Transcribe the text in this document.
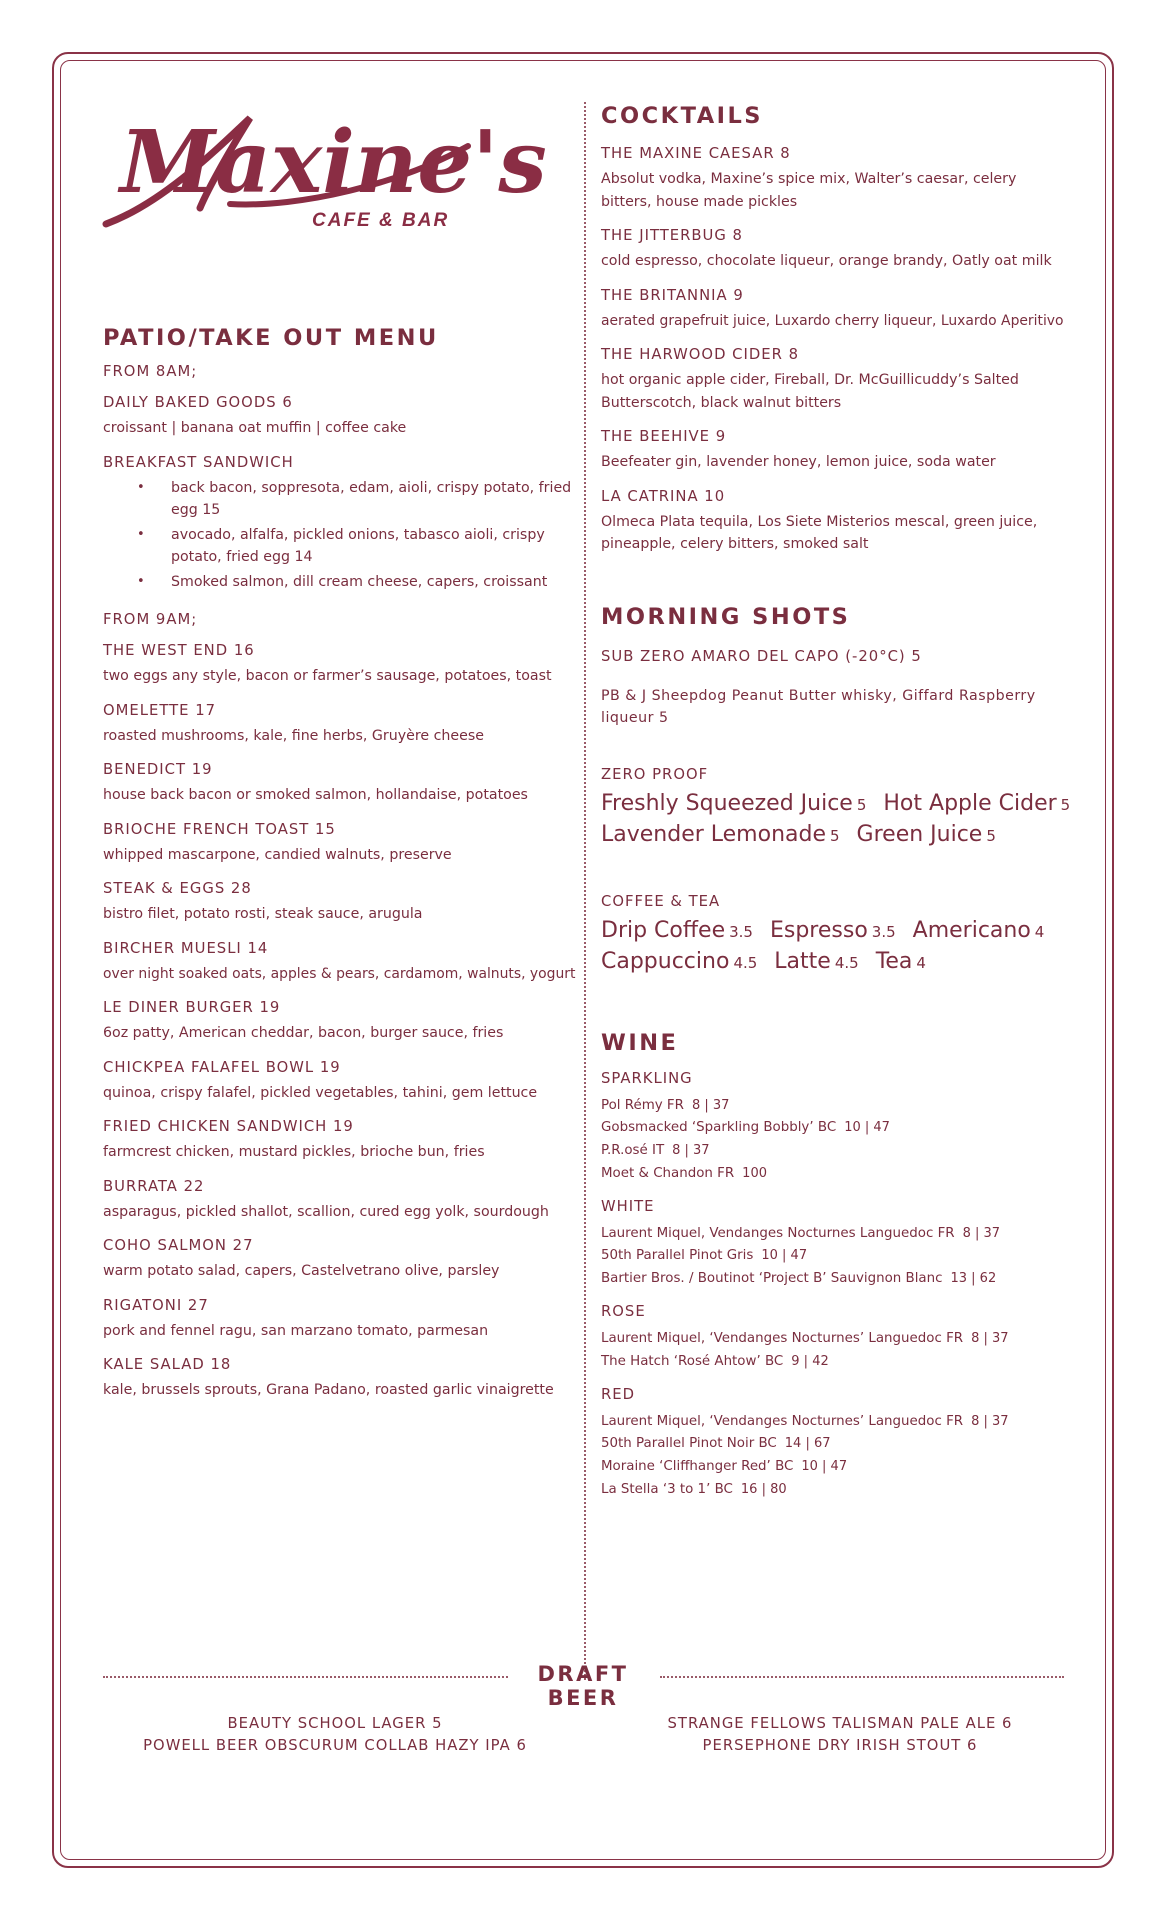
Maxine's
CAFE & BAR
PATIO/TAKE OUT MENU
FROM 8AM;
DAILY BAKED GOODS 6
croissant | banana oat muffin | coffee cake
BREAKFAST SANDWICH
• back bacon, soppresota, edam, aioli, crispy potato, fried egg 15
• avocado, alfalfa, pickled onions, tabasco aioli, crispy potato, fried egg 14
• Smoked salmon, dill cream cheese, capers, croissant
FROM 9AM;
THE WEST END 16
two eggs any style, bacon or farmer’s sausage, potatoes, toast
OMELETTE 17
roasted mushrooms, kale, fine herbs, Gruyère cheese
BENEDICT 19
house back bacon or smoked salmon, hollandaise, potatoes
BRIOCHE FRENCH TOAST 15
whipped mascarpone, candied walnuts, preserve
STEAK & EGGS 28
bistro filet, potato rosti, steak sauce, arugula
BIRCHER MUESLI 14
over night soaked oats, apples & pears, cardamom, walnuts, yogurt
LE DINER BURGER 19
6oz patty, American cheddar, bacon, burger sauce, fries
CHICKPEA FALAFEL BOWL 19
quinoa, crispy falafel, pickled vegetables, tahini, gem lettuce
FRIED CHICKEN SANDWICH 19
farmcrest chicken, mustard pickles, brioche bun, fries
BURRATA 22
asparagus, pickled shallot, scallion, cured egg yolk, sourdough
COHO SALMON 27
warm potato salad, capers, Castelvetrano olive, parsley
RIGATONI 27
pork and fennel ragu, san marzano tomato, parmesan
KALE SALAD 18
kale, brussels sprouts, Grana Padano, roasted garlic vinaigrette
COCKTAILS
THE MAXINE CAESAR 8
Absolut vodka, Maxine’s spice mix, Walter’s caesar, celery bitters, house made pickles
THE JITTERBUG 8
cold espresso, chocolate liqueur, orange brandy, Oatly oat milk
THE BRITANNIA 9
aerated grapefruit juice, Luxardo cherry liqueur, Luxardo Aperitivo
THE HARWOOD CIDER 8
hot organic apple cider, Fireball, Dr. McGuillicuddy’s Salted Butterscotch, black walnut bitters
THE BEEHIVE 9
Beefeater gin, lavender honey, lemon juice, soda water
LA CATRINA 10
Olmeca Plata tequila, Los Siete Misterios mescal, green juice, pineapple, celery bitters, smoked salt
MORNING SHOTS
SUB ZERO AMARO DEL CAPO (-20°C) 5
PB & J Sheepdog Peanut Butter whisky, Giffard Raspberry liqueur 5
ZERO PROOF
Freshly Squeezed Juice 5 Hot Apple Cider 5
Lavender Lemonade 5 Green Juice 5
COFFEE & TEA
Drip Coffee 3.5 Espresso 3.5 Americano 4
Cappuccino 4.5 Latte 4.5 Tea 4
WINE
SPARKLING
Pol Rémy FR 8 | 37
Gobsmacked ‘Sparkling Bobbly’ BC 10 | 47
P.R.osé IT 8 | 37
Moet & Chandon FR 100
WHITE
Laurent Miquel, Vendanges Nocturnes Languedoc FR 8 | 37
50th Parallel Pinot Gris 10 | 47
Bartier Bros. / Boutinot ‘Project B’ Sauvignon Blanc 13 | 62
ROSE
Laurent Miquel, ‘Vendanges Nocturnes’ Languedoc FR 8 | 37
The Hatch ‘Rosé Ahtow’ BC 9 | 42
RED
Laurent Miquel, ‘Vendanges Nocturnes’ Languedoc FR 8 | 37
50th Parallel Pinot Noir BC 14 | 67
Moraine ‘Cliffhanger Red’ BC 10 | 47
La Stella ‘3 to 1’ BC 16 | 80
DRAFT BEER
BEAUTY SCHOOL LAGER 5
POWELL BEER OBSCURUM COLLAB HAZY IPA 6
STRANGE FELLOWS TALISMAN PALE ALE 6
PERSEPHONE DRY IRISH STOUT 6
